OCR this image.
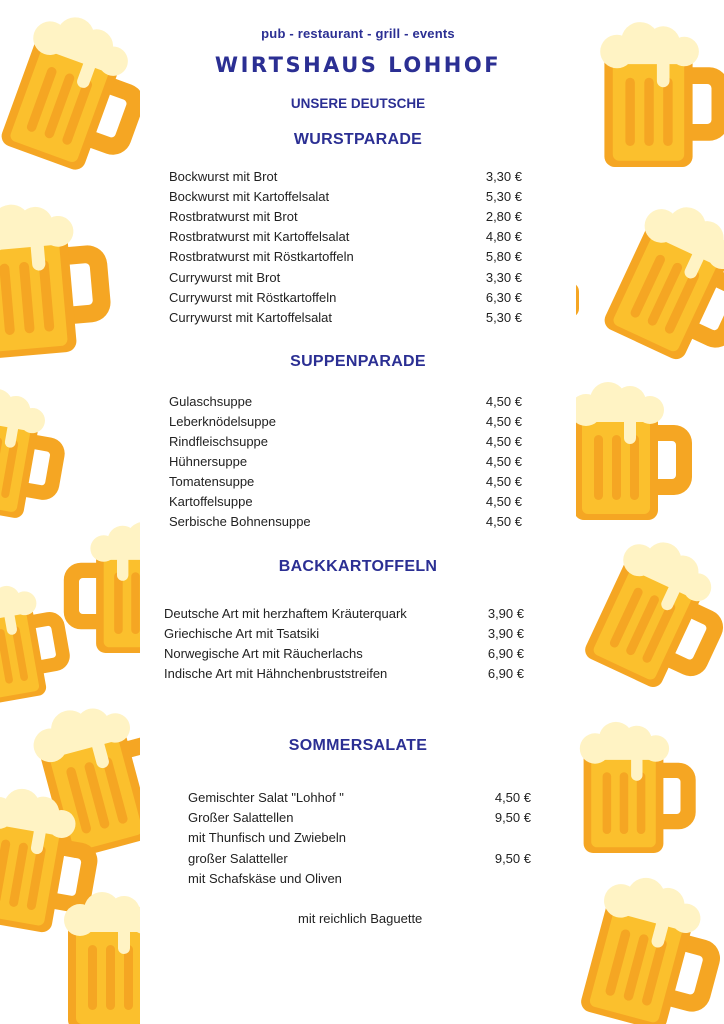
pub - restaurant - grill - events
WIRTSHAUS LOHHOF
UNSERE DEUTSCHE
WURSTPARADE
Bockwurst mit Brot	3,30 €
Bockwurst mit Kartoffelsalat	5,30 €
Rostbratwurst mit Brot	2,80 €
Rostbratwurst mit Kartoffelsalat	4,80 €
Rostbratwurst mit Röstkartoffeln	5,80 €
Currywurst mit Brot	3,30 €
Currywurst mit Röstkartoffeln	6,30 €
Currywurst mit Kartoffelsalat	5,30 €
SUPPENPARADE
Gulaschsuppe	4,50 €
Leberknödelsuppe	4,50 €
Rindfleischsuppe	4,50 €
Hühnersuppe	4,50 €
Tomatensuppe	4,50 €
Kartoffelsuppe	4,50 €
Serbische Bohnensuppe	4,50 €
BACKKARTOFFELN
Deutsche Art mit herzhaftem Kräuterquark	3,90 €
Griechische Art mit Tsatsiki	3,90 €
Norwegische Art mit Räucherlachs	6,90 €
Indische Art mit Hähnchenbruststreifen	6,90 €
SOMMERSALATE
Gemischter Salat "Lohhof "	4,50 €
Großer Salattellen	9,50 €
mit Thunfisch und Zwiebeln
großer Salatteller	9,50 €
mit Schafskäse und Oliven
mit reichlich Baguette
